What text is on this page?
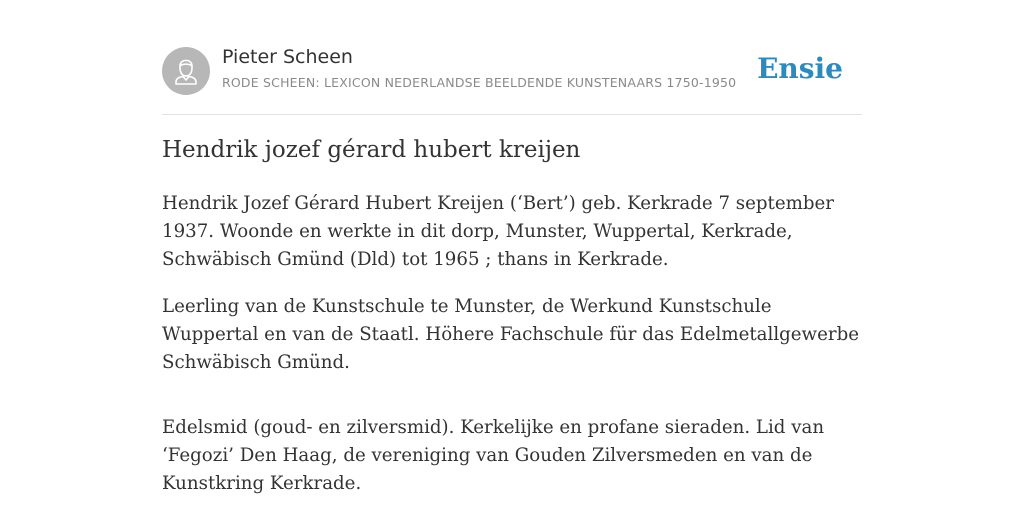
Pieter Scheen
RODE SCHEEN: LEXICON NEDERLANDSE BEELDENDE KUNSTENAARS 1750-1950 Ensie
Hendrik jozef gérard hubert kreijen

Hendrik Jozef Gérard Hubert Kreijen (‘Bert’) geb. Kerkrade 7 september 1937. Woonde en werkte in dit dorp, Munster, Wuppertal, Kerkrade, Schwäbisch Gmünd (Dld) tot 1965 ; thans in Kerkrade.

Leerling van de Kunstschule te Munster, de Werkund Kunstschule Wuppertal en van de Staatl. Höhere Fachschule für das Edelmetallgewerbe Schwäbisch Gmünd.

Edelsmid (goud- en zilversmid). Kerkelijke en profane sieraden. Lid van ‘Fegozi’ Den Haag, de vereniging van Gouden Zilversmeden en van de Kunstkring Kerkrade.
